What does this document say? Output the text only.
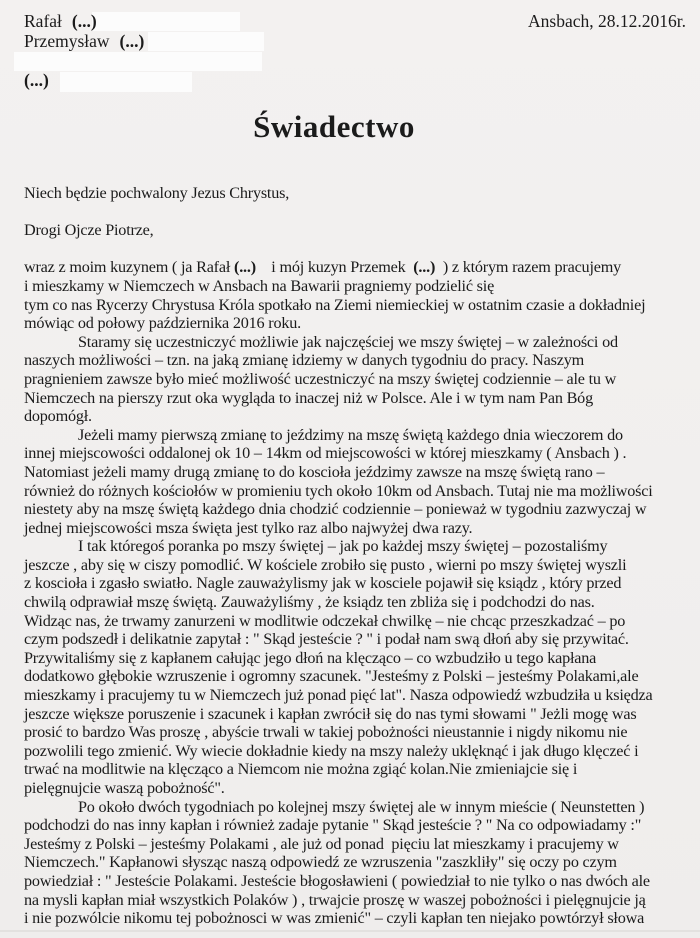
Rafał (...)
Przemysław (...)
(...)
Ansbach, 28.12.2016r.
Świadectwo
Niech będzie pochwalony Jezus Chrystus,
Drogi Ojcze Piotrze,
wraz z moim kuzynem ( ja Rafał (...)    i mój kuzyn Przemek  (...)  ) z którym razem pracujemy
i mieszkamy w Niemczech w Ansbach na Bawarii pragniemy podzielić się
tym co nas Rycerzy Chrystusa Króla spotkało na Ziemi niemieckiej w ostatnim czasie a dokładniej
mówiąc od połowy października 2016 roku.
Staramy się uczestniczyć możliwie jak najczęściej we mszy świętej – w zależności od
naszych możliwości – tzn. na jaką zmianę idziemy w danych tygodniu do pracy. Naszym
pragnieniem zawsze było mieć możliwość uczestniczyć na mszy świętej codziennie – ale tu w
Niemczech na pierszy rzut oka wygląda to inaczej niż w Polsce. Ale i w tym nam Pan Bóg
dopomógł.
Jeżeli mamy pierwszą zmianę to jeździmy na mszę świętą każdego dnia wieczorem do
innej miejscowości oddalonej ok 10 – 14km od miejscowości w której mieszkamy ( Ansbach ) .
Natomiast jeżeli mamy drugą zmianę to do koscioła jeździmy zawsze na mszę świętą rano –
również do różnych kościołów w promieniu tych około 10km od Ansbach. Tutaj nie ma możliwości
niestety aby na mszę świętą każdego dnia chodzić codziennie – ponieważ w tygodniu zazwyczaj w
jednej miejscowości msza święta jest tylko raz albo najwyżej dwa razy.
I tak któregoś poranka po mszy świętej – jak po każdej mszy świętej – pozostaliśmy
jeszcze , aby się w ciszy pomodlić. W kościele zrobiło się pusto , wierni po mszy świętej wyszli
z koscioła i zgasło swiatło. Nagle zauważylismy jak w kosciele pojawił się ksiądz , który przed
chwilą odprawiał mszę świętą. Zauważyliśmy , że ksiądz ten zbliża się i podchodzi do nas.
Widząc nas, że trwamy zanurzeni w modlitwie odczekał chwilkę – nie chcąc przeszkadzać – po
czym podszedł i delikatnie zapytał : " Skąd jesteście ? " i podał nam swą dłoń aby się przywitać.
Przywitaliśmy się z kapłanem całując jego dłoń na klęcząco – co wzbudziło u tego kapłana
dodatkowo głębokie wzruszenie i ogromny szacunek. "Jesteśmy z Polski – jesteśmy Polakami,ale
mieszkamy i pracujemy tu w Niemczech już ponad pięć lat". Nasza odpowiedź wzbudziła u księdza
jeszcze większe poruszenie i szacunek i kapłan zwrócił się do nas tymi słowami " Jeżli mogę was
prosić to bardzo Was proszę , abyście trwali w takiej pobożności nieustannie i nigdy nikomu nie
pozwolili tego zmienić. Wy wiecie dokładnie kiedy na mszy należy uklęknąć i jak długo klęczeć i
trwać na modlitwie na klęcząco a Niemcom nie można zgiąć kolan.Nie zmieniajcie się i
pielęgnujcie waszą pobożność".
Po około dwóch tygodniach po kolejnej mszy świętej ale w innym mieście ( Neunstetten )
podchodzi do nas inny kapłan i również zadaje pytanie " Skąd jesteście ? " Na co odpowiadamy :"
Jesteśmy z Polski – jesteśmy Polakami , ale już od ponad  pięciu lat mieszkamy i pracujemy w
Niemczech." Kapłanowi słysząc naszą odpowiedź ze wzruszenia "zaszkliły" się oczy po czym
powiedział : " Jesteście Polakami. Jesteście błogosławieni ( powiedział to nie tylko o nas dwóch ale
na mysli kapłan miał wszystkich Polaków ) , trwajcie proszę w waszej pobożności i pielęgnujcie ją
i nie pozwólcie nikomu tej pobożnosci w was zmienić" – czyli kapłan ten niejako powtórzył słowa
